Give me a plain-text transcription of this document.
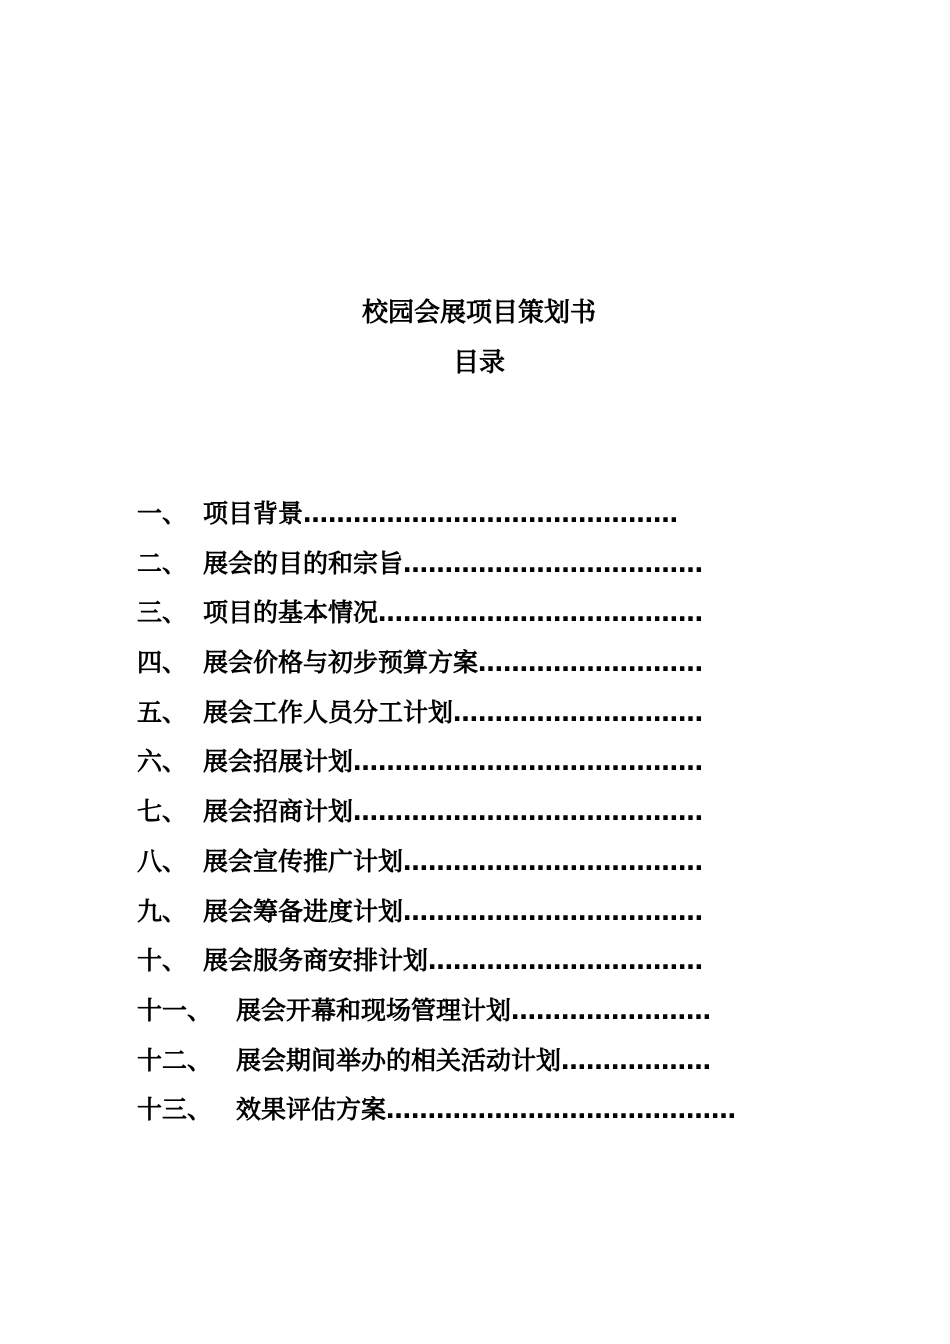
校园会展项目策划书
目录
一、 项目背景………………………………………
二、 展会的目的和宗旨………………………………
三、 项目的基本情况…………………………………
四、 展会价格与初步预算方案………………………
五、 展会工作人员分工计划…………………………
六、 展会招展计划……………………………………
七、 展会招商计划……………………………………
八、 展会宣传推广计划………………………………
九、 展会筹备进度计划………………………………
十、 展会服务商安排计划……………………………
十一、 展会开幕和现场管理计划……………………
十二、 展会期间举办的相关活动计划………………
十三、 效果评估方案……………………………………
